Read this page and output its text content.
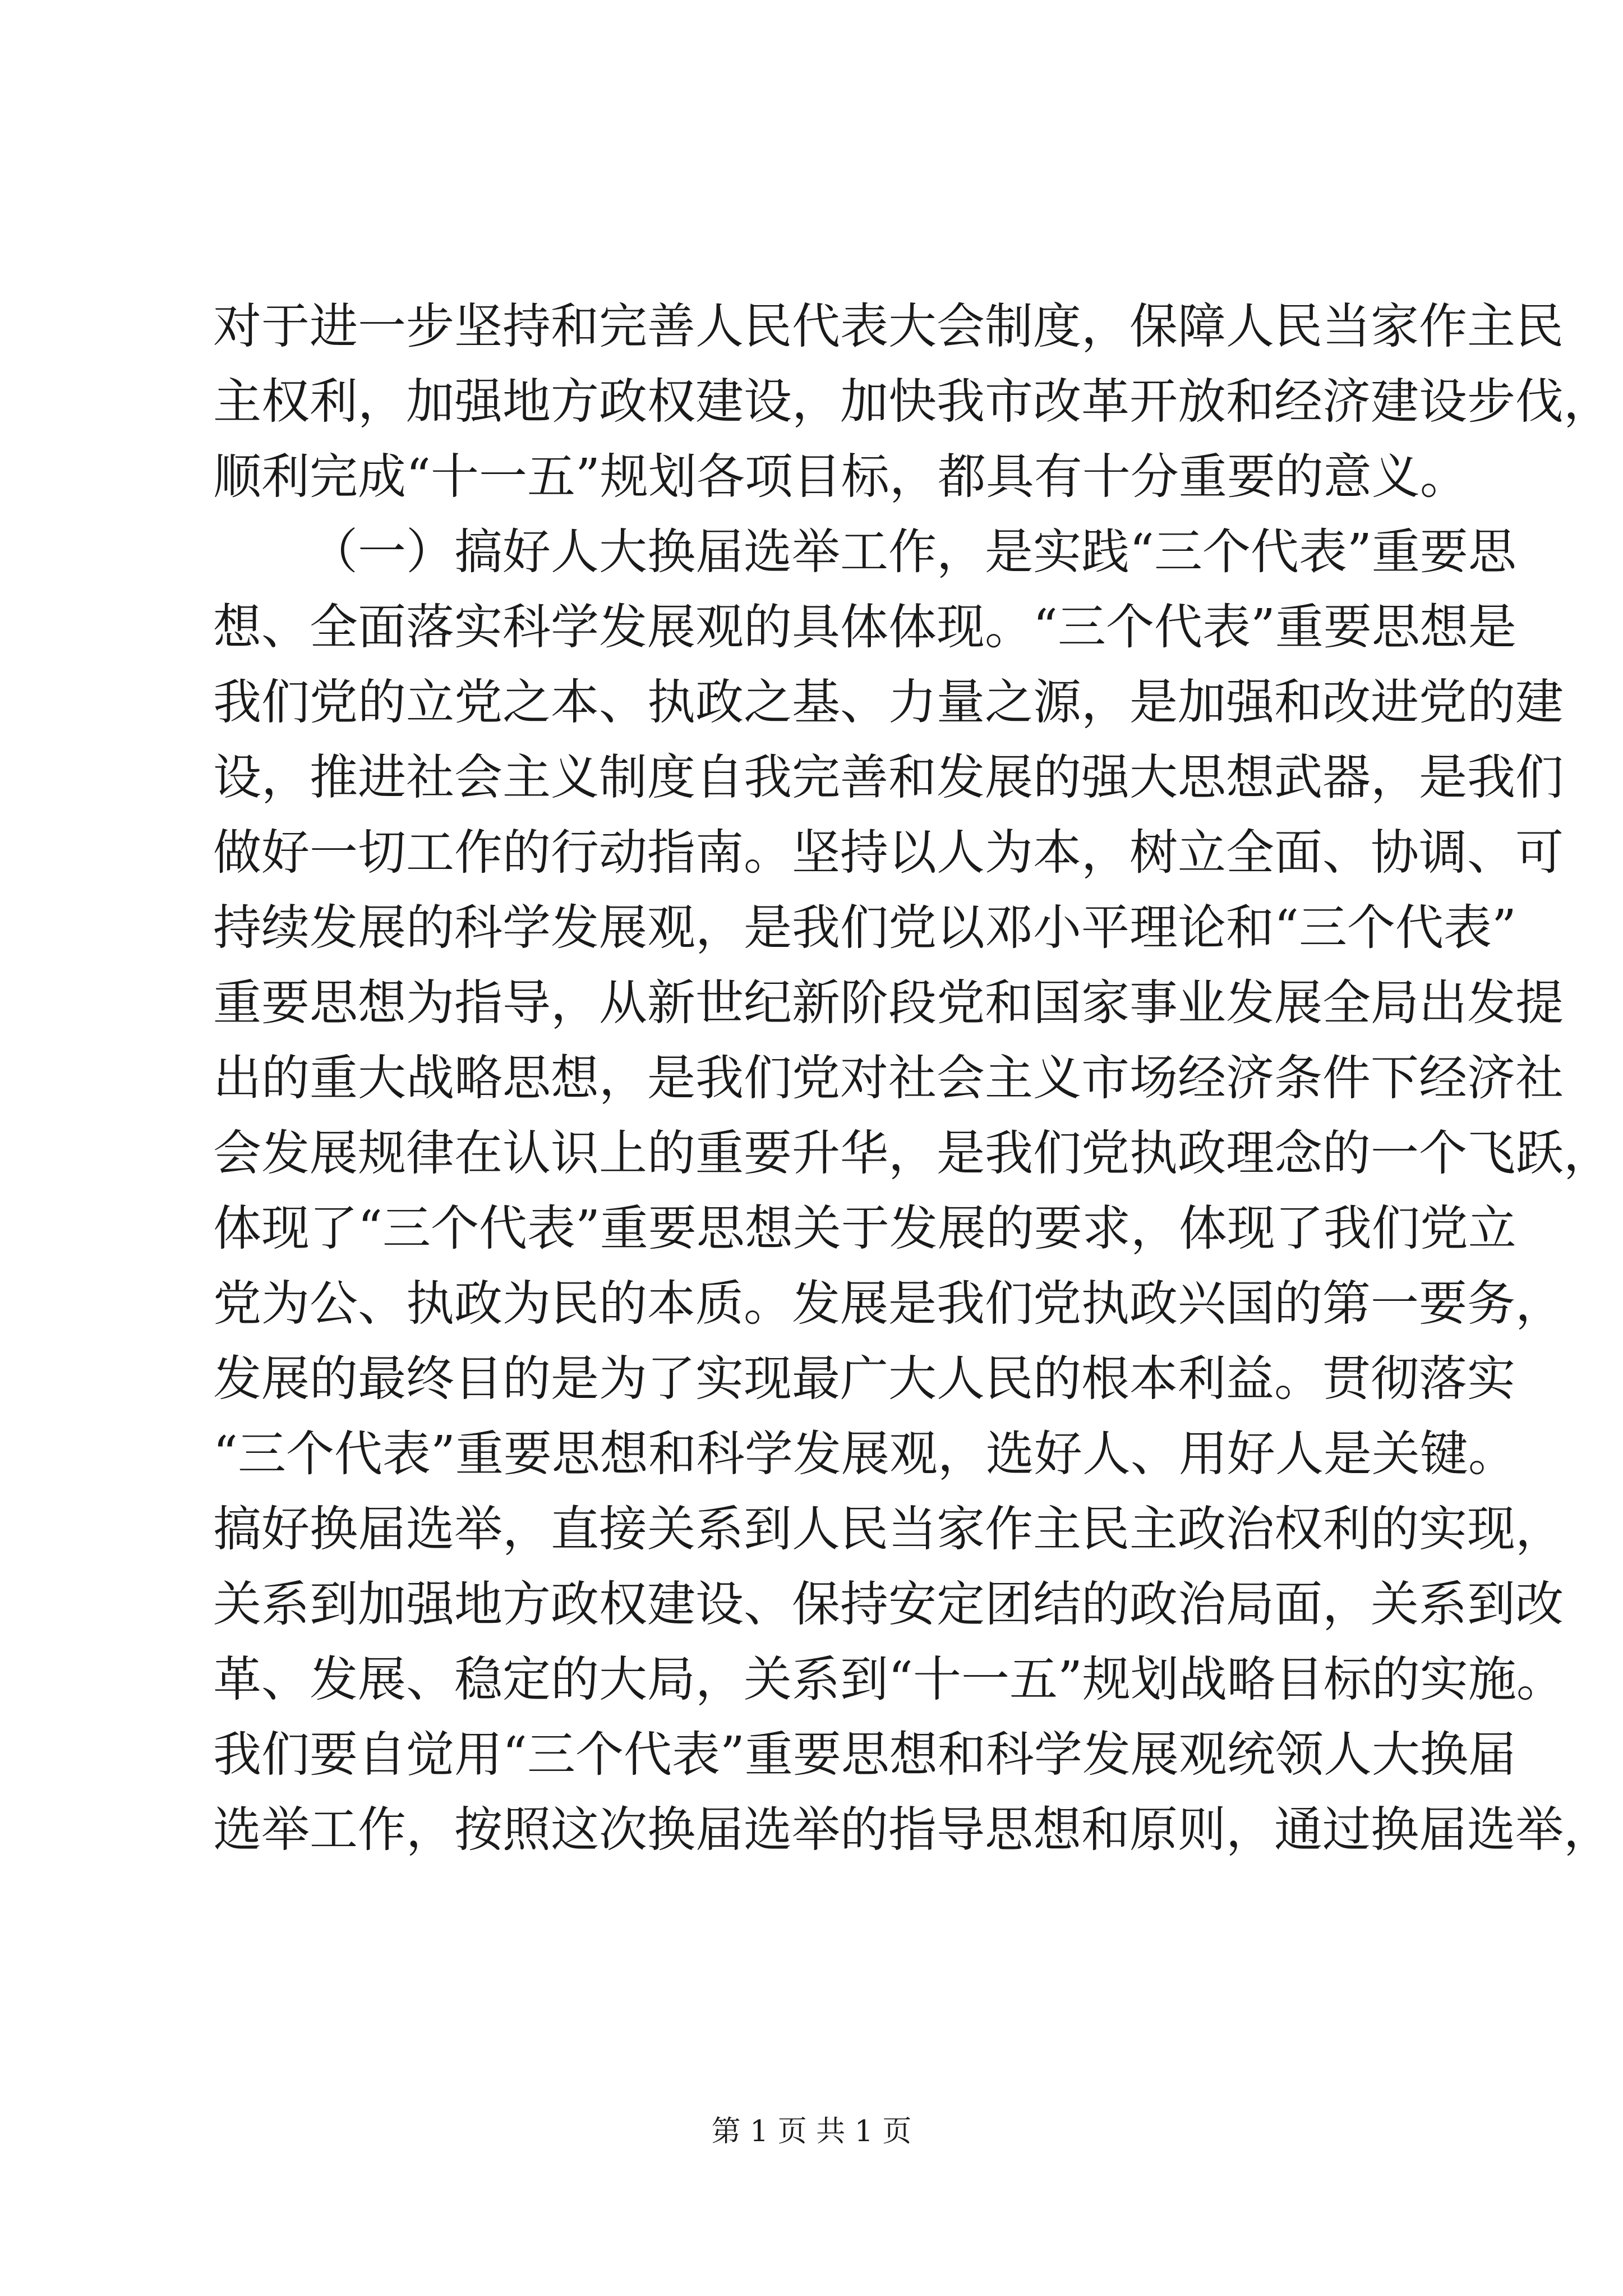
对于进一步坚持和完善人民代表大会制度，保障人民当家作主民
主权利，加强地方政权建设，加快我市改革开放和经济建设步伐，
顺利完成“十一五”规划各项目标，都具有十分重要的意义。
（一）搞好人大换届选举工作，是实践“三个代表”重要思
想、全面落实科学发展观的具体体现。“三个代表”重要思想是
我们党的立党之本、执政之基、力量之源，是加强和改进党的建
设，推进社会主义制度自我完善和发展的强大思想武器，是我们
做好一切工作的行动指南。坚持以人为本，树立全面、协调、可
持续发展的科学发展观，是我们党以邓小平理论和“三个代表”
重要思想为指导，从新世纪新阶段党和国家事业发展全局出发提
出的重大战略思想，是我们党对社会主义市场经济条件下经济社
会发展规律在认识上的重要升华，是我们党执政理念的一个飞跃，
体现了“三个代表”重要思想关于发展的要求，体现了我们党立
党为公、执政为民的本质。发展是我们党执政兴国的第一要务，
发展的最终目的是为了实现最广大人民的根本利益。贯彻落实
“三个代表”重要思想和科学发展观，选好人、用好人是关键。
搞好换届选举，直接关系到人民当家作主民主政治权利的实现，
关系到加强地方政权建设、保持安定团结的政治局面，关系到改
革、发展、稳定的大局，关系到“十一五”规划战略目标的实施。
我们要自觉用“三个代表”重要思想和科学发展观统领人大换届
选举工作，按照这次换届选举的指导思想和原则，通过换届选举，
第 1 页 共 1 页
